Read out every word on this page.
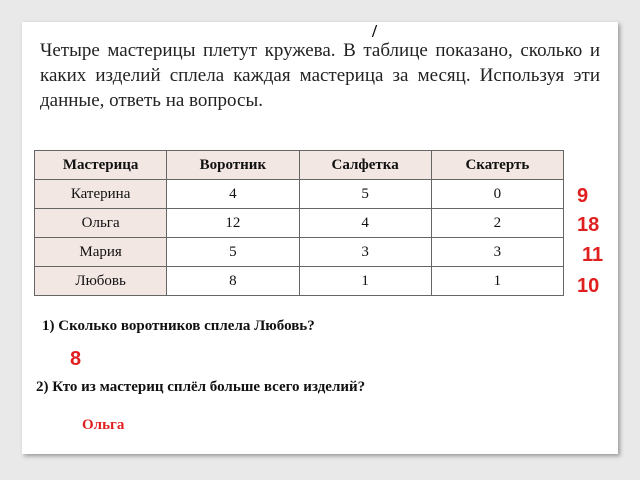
/
Четыре мастерицы плетут кружева. В таблице показано, сколько и каких изделий сплела каждая мастерица за месяц. Используя эти данные, ответь на вопросы.
Мастерица	Воротник	Салфетка	Скатерть
Катерина	4	5	0
Ольга	12	4	2
Мария	5	3	3
Любовь	8	1	1
9
18
11
10
1) Сколько воротников сплела Любовь?
8
2) Кто из мастериц сплёл больше всего изделий?
Ольга
